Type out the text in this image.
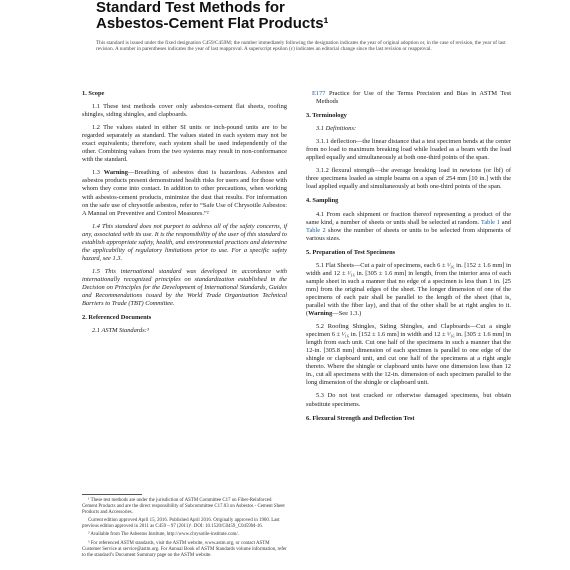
Standard Test Methods for
Asbestos-Cement Flat Products¹
This standard is issued under the fixed designation C459/C459M; the number immediately following the designation indicates the year of original adoption or, in the case of revision, the year of last revision. A number in parentheses indicates the year of last reapproval. A superscript epsilon (ε) indicates an editorial change since the last revision or reapproval.
1. Scope

1.1 These test methods cover only asbestos-cement flat sheets, roofing shingles, siding shingles, and clapboards.

1.2 The values stated in either SI units or inch-pound units are to be regarded separately as standard. The values stated in each system may not be exact equivalents; therefore, each system shall be used independently of the other. Combining values from the two systems may result in non-conformance with the standard.

1.3 Warning—Breathing of asbestos dust is hazardous. Asbestos and asbestos products present demonstrated health risks for users and for those with whom they come into contact. In addition to other precautions, when working with asbestos-cement products, minimize the dust that results. For information on the safe use of chrysotile asbestos, refer to “Safe Use of Chrysotile Asbestos: A Manual on Preventive and Control Measures.”²

1.4 This standard does not purport to address all of the safety concerns, if any, associated with its use. It is the responsibility of the user of this standard to establish appropriate safety, health, and environmental practices and determine the applicability of regulatory limitations prior to use. For a specific safety hazard, see 1.3.

1.5 This international standard was developed in accordance with internationally recognized principles on standardization established in the Decision on Principles for the Development of International Standards, Guides and Recommendations issued by the World Trade Organization Technical Barriers to Trade (TBT) Committee.

2. Referenced Documents

2.1 ASTM Standards:³

E177 Practice for Use of the Terms Precision and Bias in ASTM Test Methods

3. Terminology

3.1 Definitions:

3.1.1 deflection—the linear distance that a test specimen bends at the center from no load to maximum breaking load while loaded as a beam with the load applied equally and simultaneously at both one-third points of the span.

3.1.2 flexural strength—the average breaking load in newtons (or lbf) of three specimens loaded as simple beams on a span of 254 mm [10 in.] with the load applied equally and simultaneously at both one-third points of the span.

4. Sampling

4.1 From each shipment or fraction thereof representing a product of the same kind, a number of sheets or units shall be selected at random. Table 1 and Table 2 show the number of sheets or units to be selected from shipments of various sizes.

5. Preparation of Test Specimens

5.1 Flat Sheets—Cut a pair of specimens, each 6 ± ¹⁄₁₆ in. [152 ± 1.6 mm] in width and 12 ± ¹⁄₁₆ in. [305 ± 1.6 mm] in length, from the interior area of each sample sheet in such a manner that no edge of a specimen is less than 1 in. [25 mm] from the original edges of the sheet. The longer dimension of one of the specimens of each pair shall be parallel to the length of the sheet (that is, parallel with the fiber lay), and that of the other shall be at right angles to it. (Warning—See 1.3.)

5.2 Roofing Shingles, Siding Shingles, and Clapboards—Cut a single specimen 6 ± ¹⁄₁₆ in. [152 ± 1.6 mm] in width and 12 ± ¹⁄₁₆ in. [305 ± 1.6 mm] in length from each unit. Cut one half of the specimens in such a manner that the 12-in. [305.8 mm] dimension of each specimen is parallel to one edge of the shingle or clapboard unit, and cut one half of the specimens at a right angle thereto. Where the shingle or clapboard units have one dimension less than 12 in., cut all specimens with the 12-in. dimension of each specimen parallel to the long dimension of the shingle or clapboard unit.

5.3 Do not test cracked or otherwise damaged specimens, but obtain substitute specimens.

6. Flexural Strength and Deflection Test

¹ These test methods are under the jurisdiction of ASTM Committee C17 on Fiber-Reinforced Cement Products and are the direct responsibility of Subcommittee C17.03 on Asbestos - Cement Sheet Products and Accessories.

Current edition approved April 15, 2016. Published April 2016. Originally approved in 1960. Last previous edition approved in 2011 as C459 – 97 (2011)¹. DOI: 10.1520/C0459_C0459M-16.

² Available from The Asbestos Institute, http://www.chrysotile-institute.com/.

³ For referenced ASTM standards, visit the ASTM website, www.astm.org, or contact ASTM Customer Service at service@astm.org. For Annual Book of ASTM Standards volume information, refer to the standard’s Document Summary page on the ASTM website.
